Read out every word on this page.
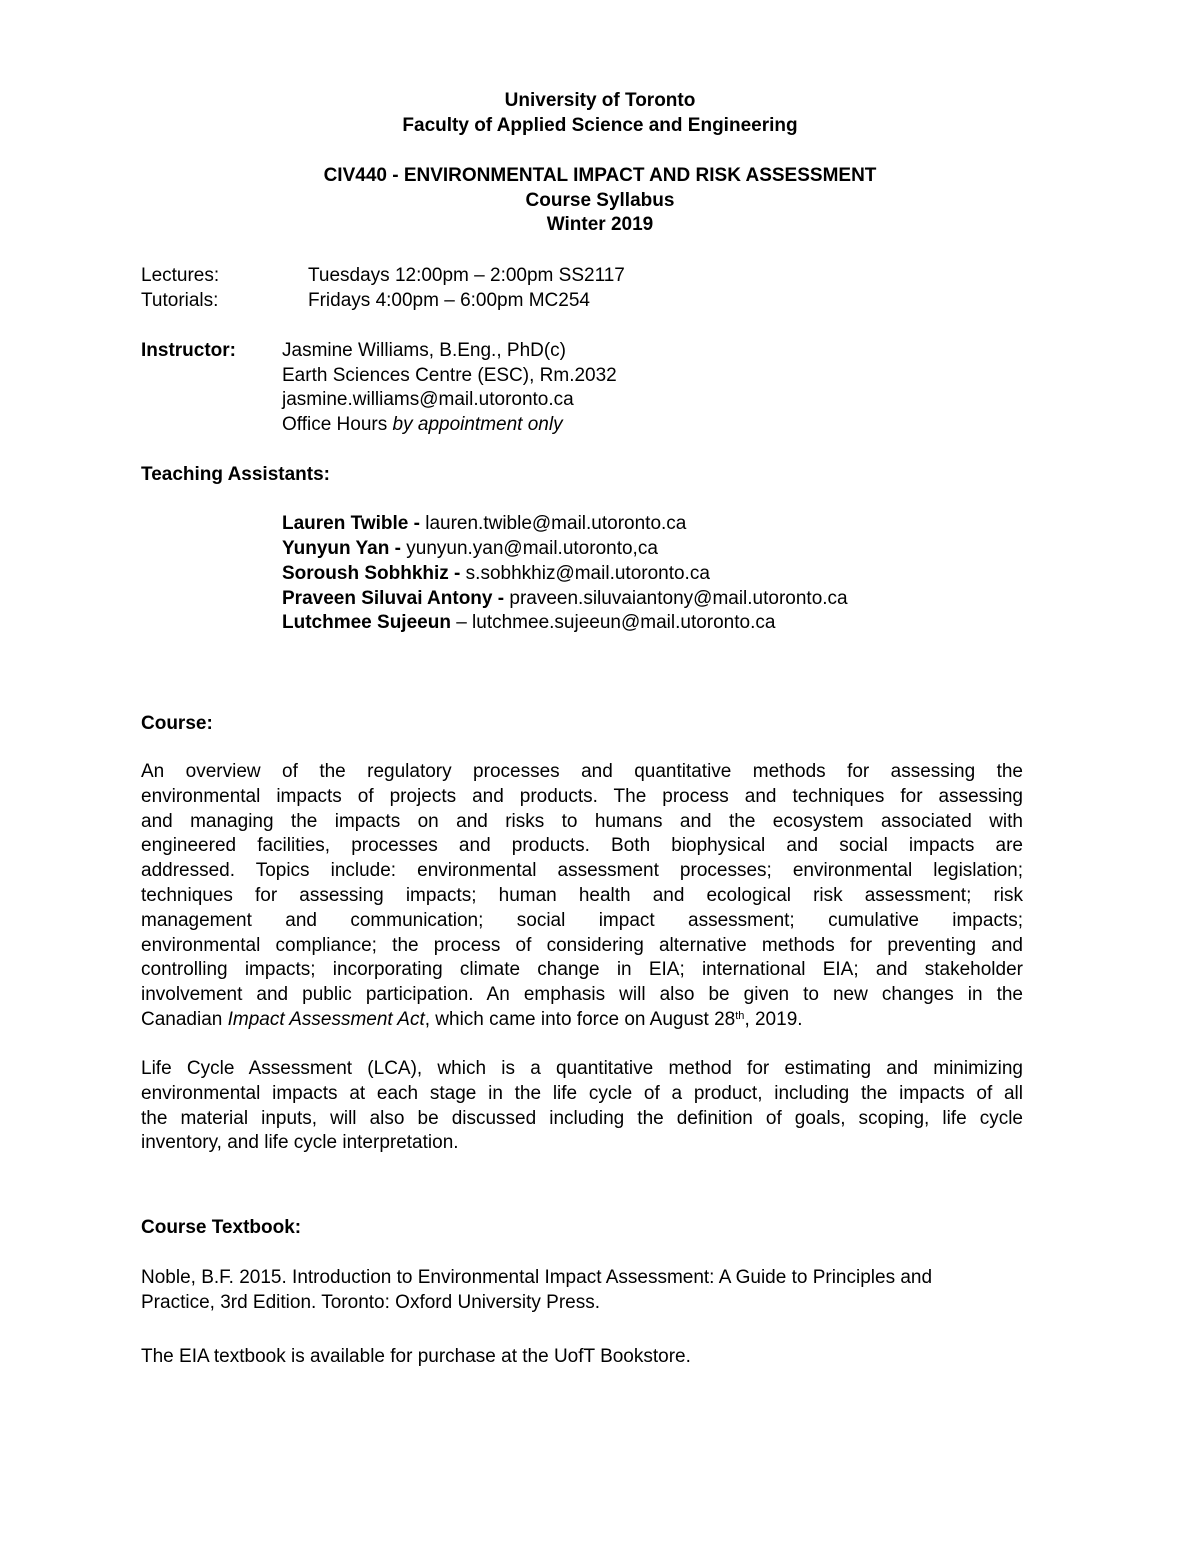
University of Toronto
Faculty of Applied Science and Engineering
CIV440 - ENVIRONMENTAL IMPACT AND RISK ASSESSMENT
Course Syllabus
Winter 2019
Lectures:	Tuesdays 12:00pm – 2:00pm SS2117
Tutorials:	Fridays 4:00pm – 6:00pm MC254
Instructor: Jasmine Williams, B.Eng., PhD(c)
Earth Sciences Centre (ESC), Rm.2032
jasmine.williams@mail.utoronto.ca
Office Hours by appointment only
Teaching Assistants:
Lauren Twible - lauren.twible@mail.utoronto.ca
Yunyun Yan - yunyun.yan@mail.utoronto,ca
Soroush Sobhkhiz - s.sobhkhiz@mail.utoronto.ca
Praveen Siluvai Antony - praveen.siluvaiantony@mail.utoronto.ca
Lutchmee Sujeeun – lutchmee.sujeeun@mail.utoronto.ca
Course:
An overview of the regulatory processes and quantitative methods for assessing the
environmental impacts of projects and products. The process and techniques for assessing
and managing the impacts on and risks to humans and the ecosystem associated with
engineered facilities, processes and products. Both biophysical and social impacts are
addressed. Topics include: environmental assessment processes; environmental legislation;
techniques for assessing impacts; human health and ecological risk assessment; risk
management and communication; social impact assessment; cumulative impacts;
environmental compliance; the process of considering alternative methods for preventing and
controlling impacts; incorporating climate change in EIA; international EIA; and stakeholder
involvement and public participation. An emphasis will also be given to new changes in the
Canadian Impact Assessment Act, which came into force on August 28th, 2019.
Life Cycle Assessment (LCA), which is a quantitative method for estimating and minimizing
environmental impacts at each stage in the life cycle of a product, including the impacts of all
the material inputs, will also be discussed including the definition of goals, scoping, life cycle
inventory, and life cycle interpretation.
Course Textbook:
Noble, B.F. 2015. Introduction to Environmental Impact Assessment: A Guide to Principles and
Practice, 3rd Edition. Toronto: Oxford University Press.
The EIA textbook is available for purchase at the UofT Bookstore.
